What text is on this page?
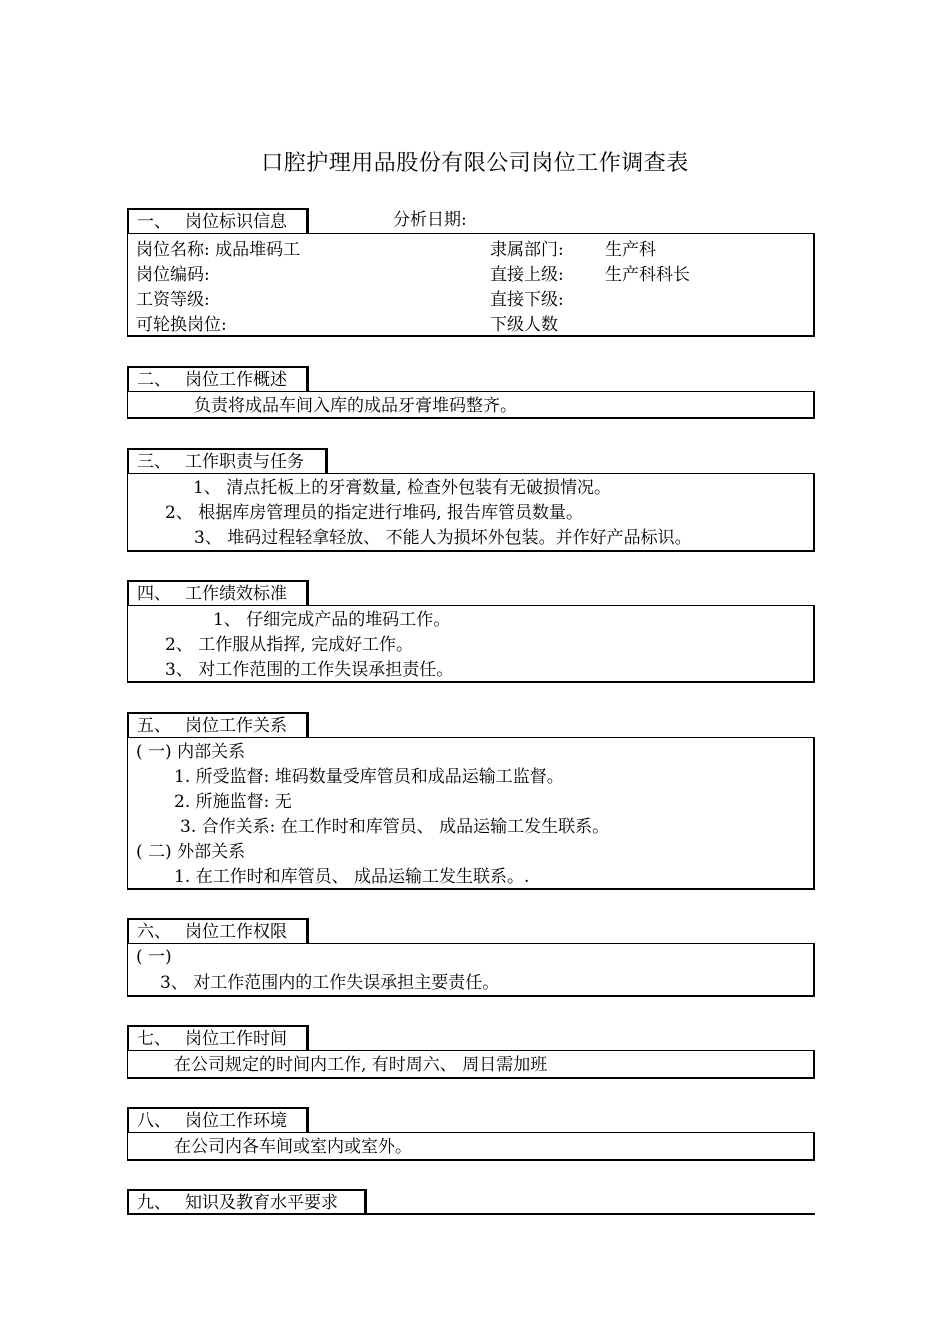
口腔护理用品股份有限公司岗位工作调查表
一、 岗位标识信息	分析日期:
岗位名称: 成品堆码工
岗位编码:
工资等级:
可轮换岗位:
隶属部门: 生产科
直接上级: 生产科科长
直接下级:
下级人数
二、 岗位工作概述
负责将成品车间入库的成品牙膏堆码整齐。
三、 工作职责与任务
1、 清点托板上的牙膏数量, 检查外包装有无破损情况。
2、 根据库房管理员的指定进行堆码, 报告库管员数量。
3、 堆码过程轻拿轻放、 不能人为损坏外包装。并作好产品标识。
四、 工作绩效标准
1、 仔细完成产品的堆码工作。
2、 工作服从指挥, 完成好工作。
3、 对工作范围的工作失误承担责任。
五、 岗位工作关系
( 一) 内部关系
1. 所受监督: 堆码数量受库管员和成品运输工监督。
2. 所施监督: 无
3. 合作关系: 在工作时和库管员、 成品运输工发生联系。
( 二) 外部关系
1. 在工作时和库管员、 成品运输工发生联系。.
六、 岗位工作权限
( 一)
3、 对工作范围内的工作失误承担主要责任。
七、 岗位工作时间
在公司规定的时间内工作, 有时周六、 周日需加班
八、 岗位工作环境
在公司内各车间或室内或室外。
九、 知识及教育水平要求
